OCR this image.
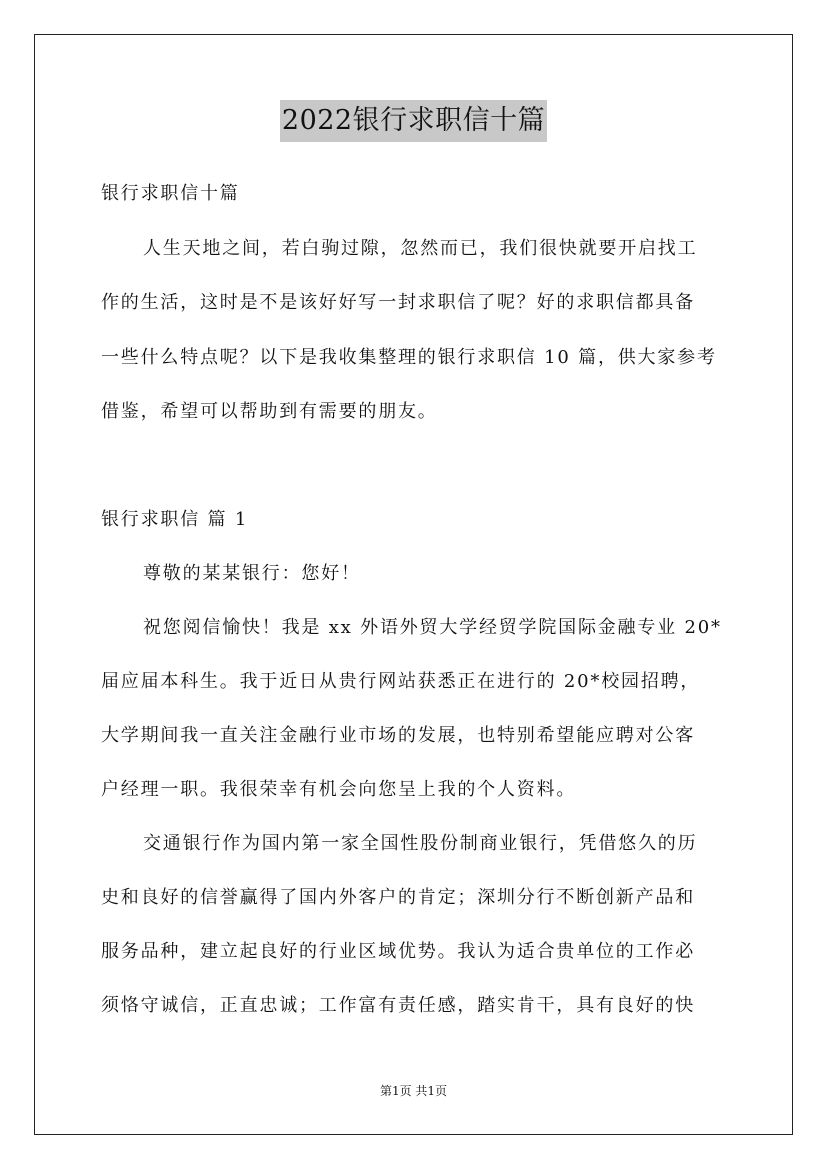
2022银行求职信十篇
银行求职信十篇
人生天地之间，若白驹过隙，忽然而已，我们很快就要开启找工
作的生活，这时是不是该好好写一封求职信了呢？好的求职信都具备
一些什么特点呢？以下是我收集整理的银行求职信 10 篇，供大家参考
借鉴，希望可以帮助到有需要的朋友。
银行求职信 篇 1
尊敬的某某银行：您好！
祝您阅信愉快！我是 xx 外语外贸大学经贸学院国际金融专业 20*
届应届本科生。我于近日从贵行网站获悉正在进行的 20*校园招聘，
大学期间我一直关注金融行业市场的发展，也特别希望能应聘对公客
户经理一职。我很荣幸有机会向您呈上我的个人资料。
交通银行作为国内第一家全国性股份制商业银行，凭借悠久的历
史和良好的信誉赢得了国内外客户的肯定；深圳分行不断创新产品和
服务品种，建立起良好的行业区域优势。我认为适合贵单位的工作必
须恪守诚信，正直忠诚；工作富有责任感，踏实肯干，具有良好的快
第1页 共1页
